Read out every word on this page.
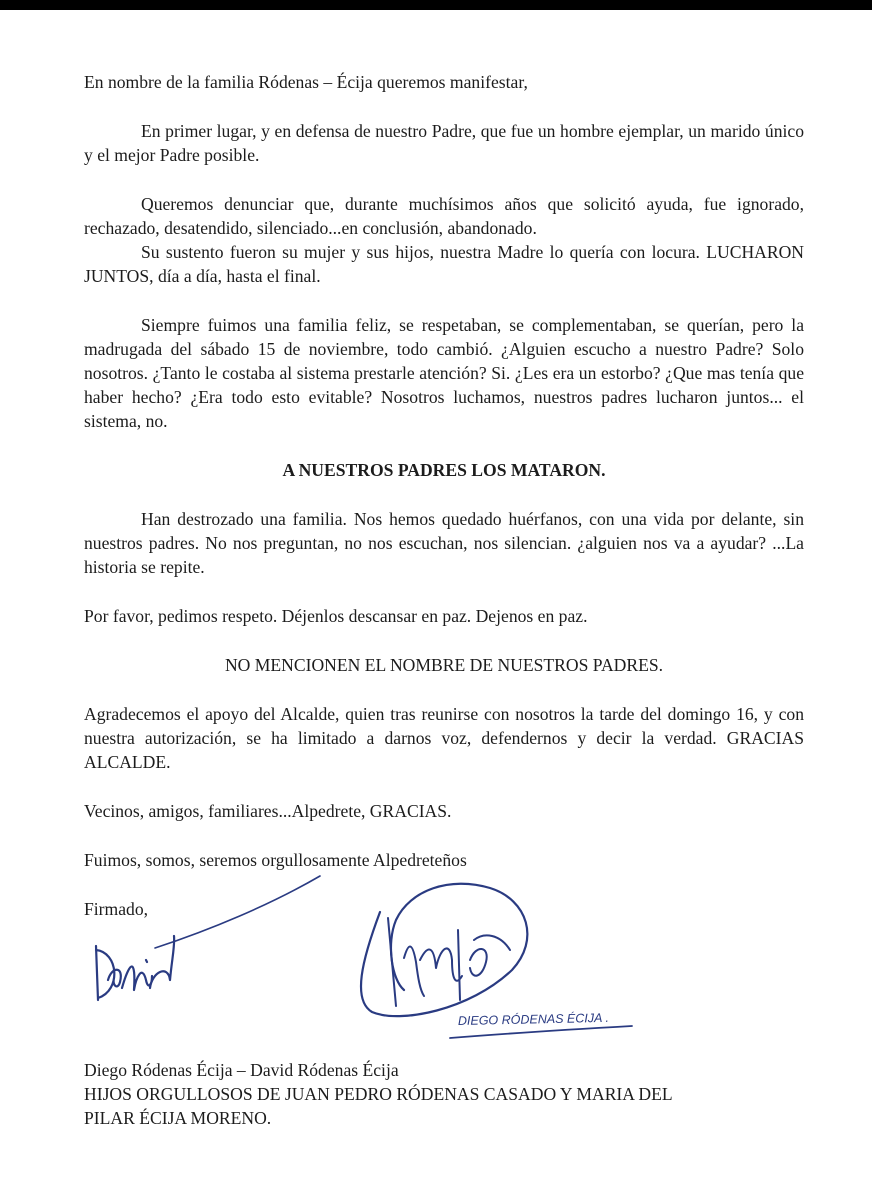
En nombre de la familia Ródenas – Écija queremos manifestar,

En primer lugar, y en defensa de nuestro Padre, que fue un hombre ejemplar, un marido único y el mejor Padre posible.

Queremos denunciar que, durante muchísimos años que solicitó ayuda, fue ignorado, rechazado, desatendido, silenciado...en conclusión, abandonado.

Su sustento fueron su mujer y sus hijos, nuestra Madre lo quería con locura. LUCHARON JUNTOS, día a día, hasta el final.

Siempre fuimos una familia feliz, se respetaban, se complementaban, se querían, pero la madrugada del sábado 15 de noviembre, todo cambió. ¿Alguien escucho a nuestro Padre? Solo nosotros. ¿Tanto le costaba al sistema prestarle atención? Si. ¿Les era un estorbo? ¿Que mas tenía que haber hecho? ¿Era todo esto evitable? Nosotros luchamos, nuestros padres lucharon juntos... el sistema, no.

A NUESTROS PADRES LOS MATARON.

Han destrozado una familia. Nos hemos quedado huérfanos, con una vida por delante, sin nuestros padres. No nos preguntan, no nos escuchan, nos silencian. ¿alguien nos va a ayudar? ...La historia se repite.

Por favor, pedimos respeto. Déjenlos descansar en paz. Dejenos en paz.

NO MENCIONEN EL NOMBRE DE NUESTROS PADRES.

Agradecemos el apoyo del Alcalde, quien tras reunirse con nosotros la tarde del domingo 16, y con nuestra autorización, se ha limitado a darnos voz, defendernos y decir la verdad. GRACIAS ALCALDE.

Vecinos, amigos, familiares...Alpedrete, GRACIAS.

Fuimos, somos, seremos orgullosamente Alpedreteños

Firmado,

DIEGO RÓDENAS ÉCIJA .

Diego Ródenas Écija – David Ródenas Écija

HIJOS ORGULLOSOS DE JUAN PEDRO RÓDENAS CASADO Y MARIA DEL

PILAR ÉCIJA MORENO.
